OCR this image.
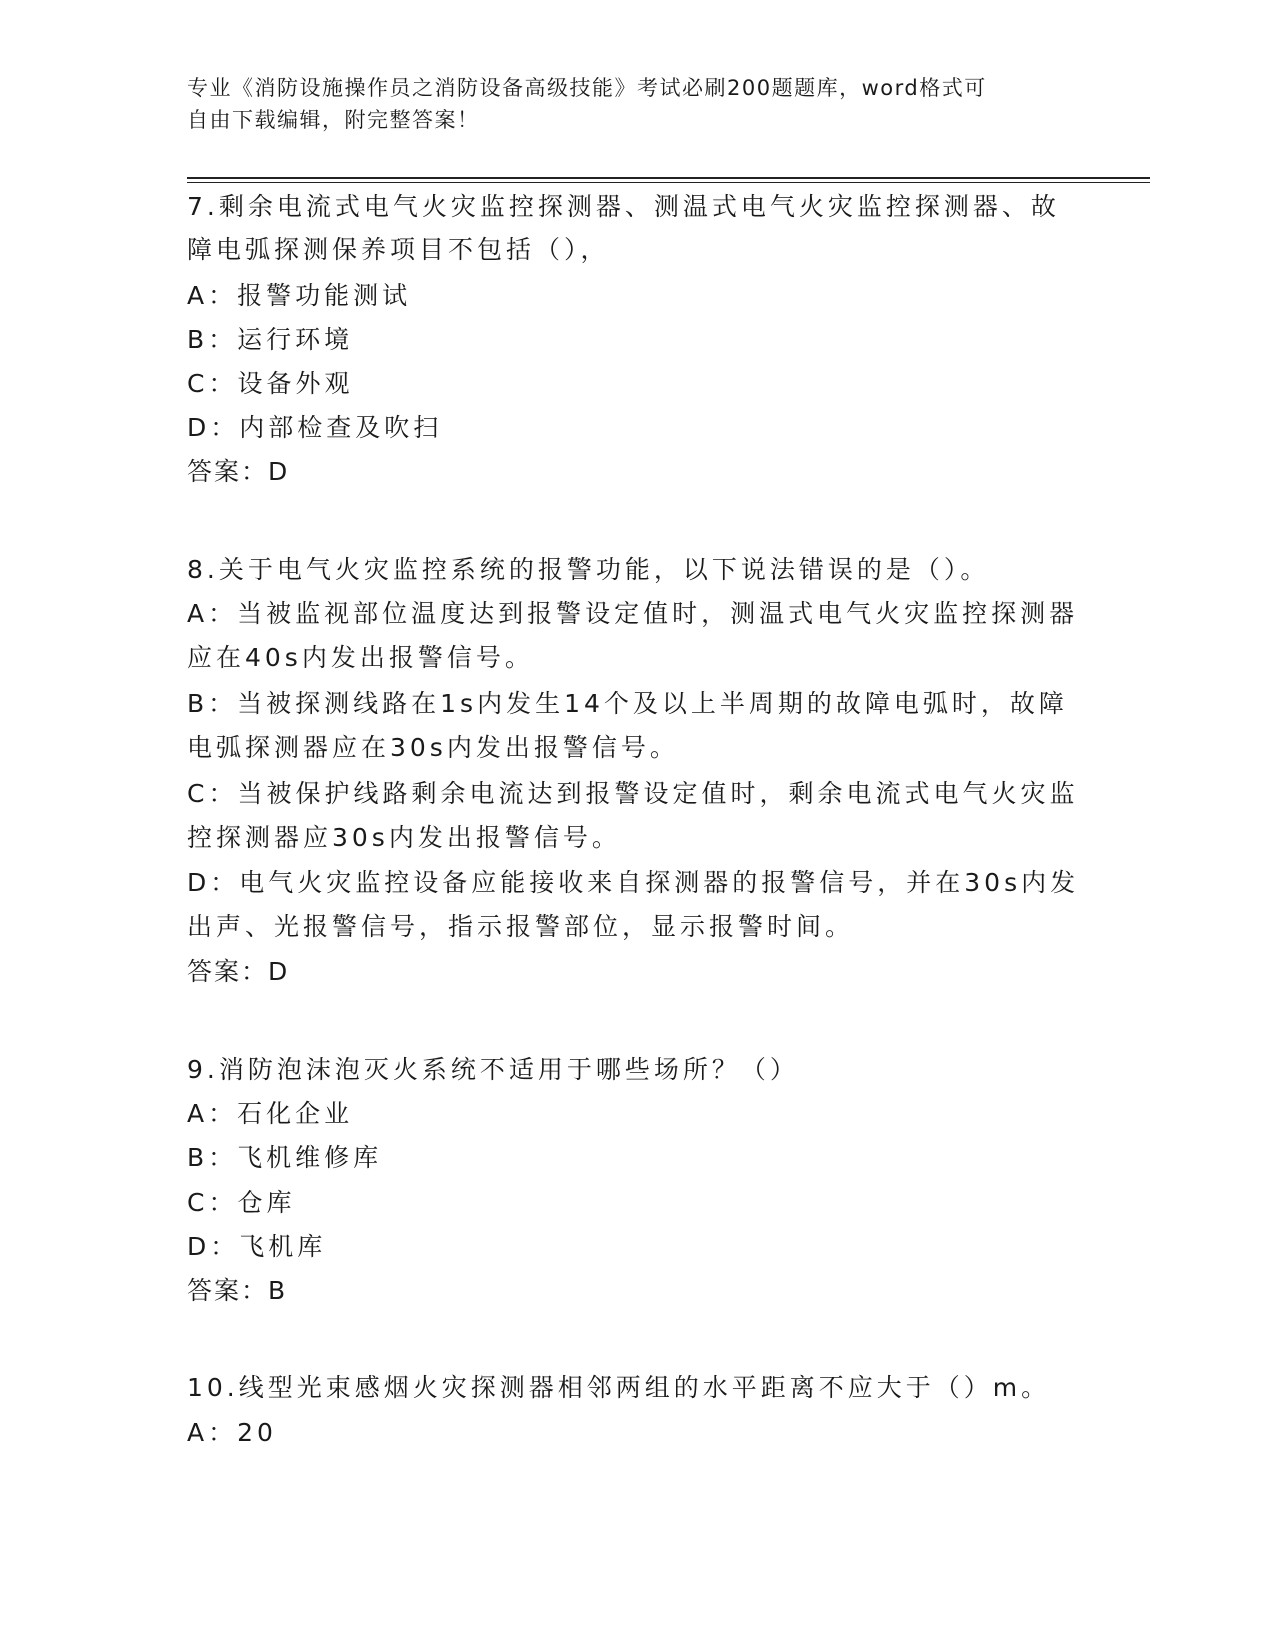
专业《消防设施操作员之消防设备高级技能》考试必刷200题题库，word格式可
自由下载编辑，附完整答案！
7.剩余电流式电气火灾监控探测器、测温式电气火灾监控探测器、故
障电弧探测保养项目不包括（），
A：报警功能测试
B：运行环境
C：设备外观
D：内部检查及吹扫
答案：D
8.关于电气火灾监控系统的报警功能，以下说法错误的是（）。
A：当被监视部位温度达到报警设定值时，测温式电气火灾监控探测器
应在40s内发出报警信号。
B：当被探测线路在1s内发生14个及以上半周期的故障电弧时，故障
电弧探测器应在30s内发出报警信号。
C：当被保护线路剩余电流达到报警设定值时，剩余电流式电气火灾监
控探测器应30s内发出报警信号。
D：电气火灾监控设备应能接收来自探测器的报警信号，并在30s内发
出声、光报警信号，指示报警部位，显示报警时间。
答案：D
9.消防泡沫泡灭火系统不适用于哪些场所？（）
A：石化企业
B：飞机维修库
C：仓库
D：飞机库
答案：B
10.线型光束感烟火灾探测器相邻两组的水平距离不应大于（）m。
A：20
